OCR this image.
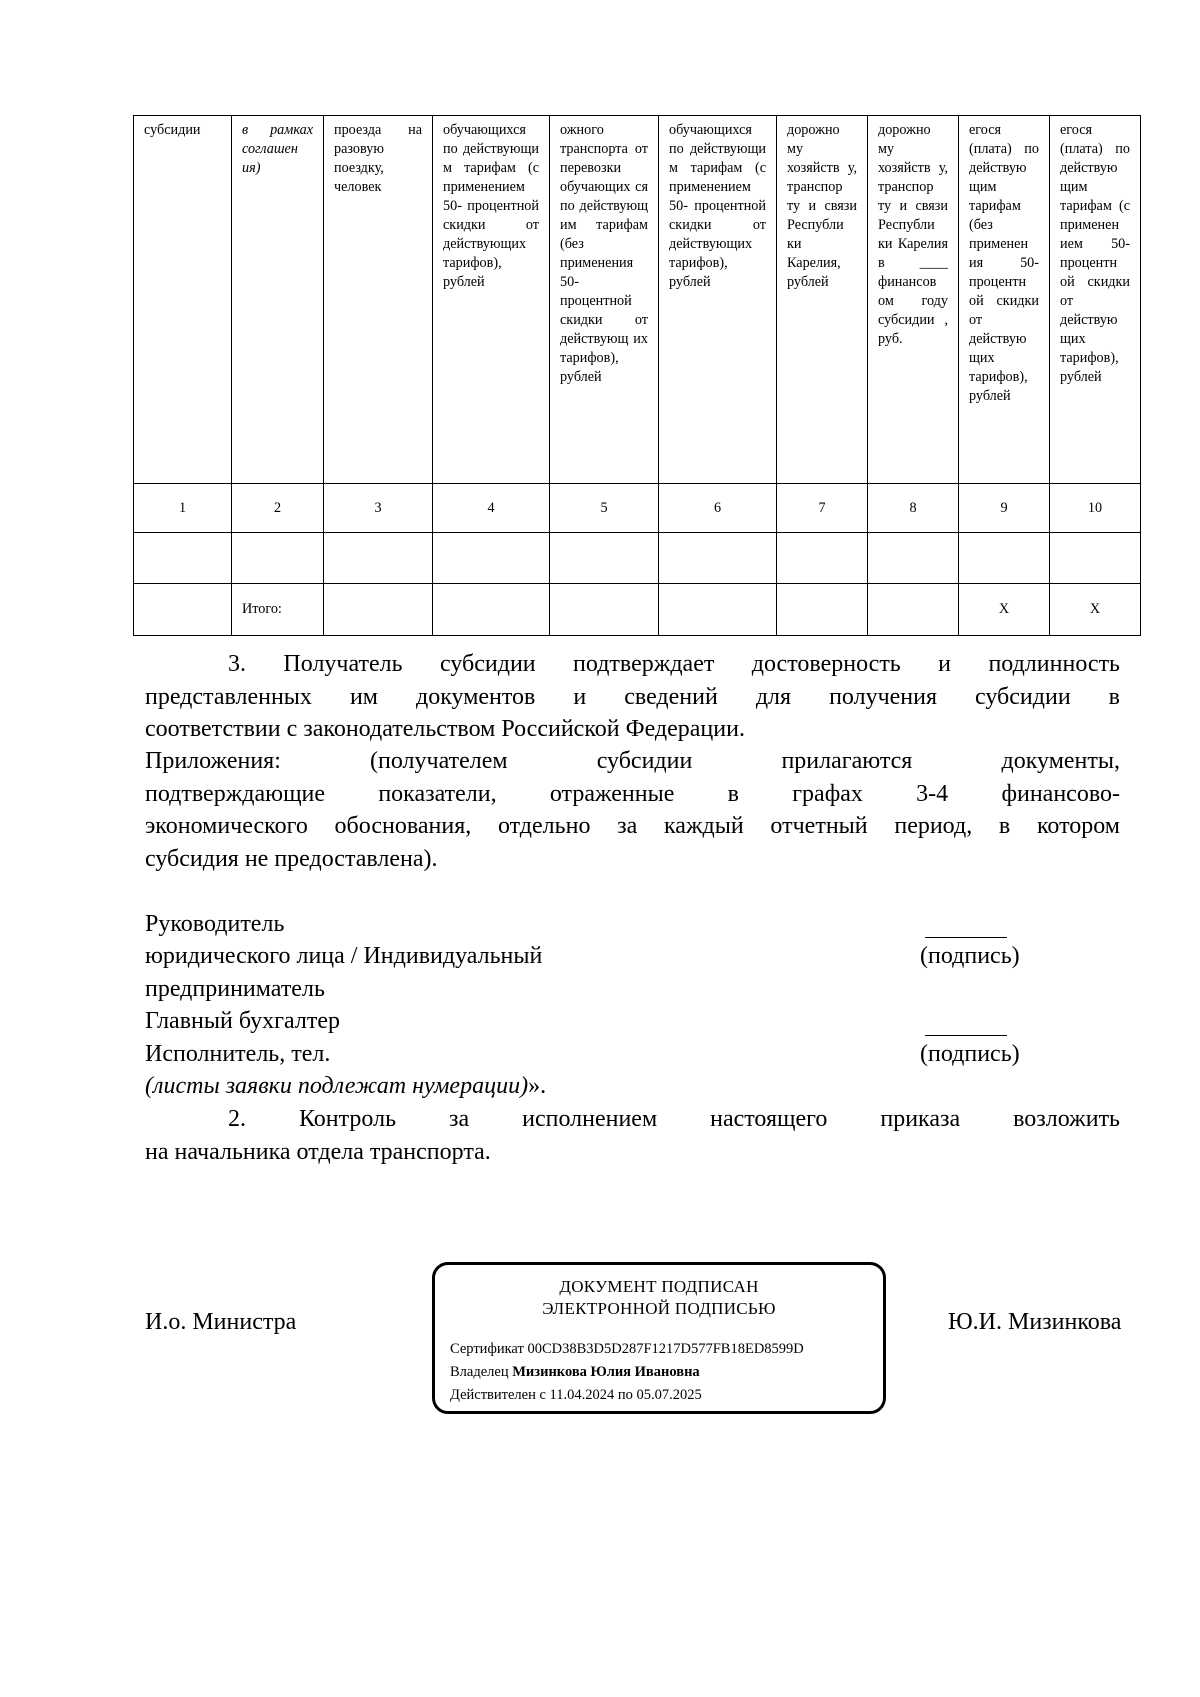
субсидии	в рамках соглашен ия)	проезда на разовую поездку, человек	обучающихся по действующи м тарифам (с применением 50- процентной скидки от действующих тарифов), рублей	ожного транспорта от перевозки обучающих ся по действующ им тарифам (без применения 50- процентной скидки от действующ их тарифов), рублей	обучающихся по действующи м тарифам (с применением 50- процентной скидки от действующих тарифов), рублей	дорожно му хозяйств у, транспор ту и связи Республи ки Карелия, рублей	дорожно му хозяйств у, транспор ту и связи Республи ки Карелия в ____ финансов ом году субсидии , руб.	егося (плата) по действую щим тарифам (без применен ия 50- процентн ой скидки от действую щих тарифов), рублей	егося (плата) по действую щим тарифам (с применен ием 50- процентн ой скидки от действую щих тарифов), рублей
1	2	3	4	5	6	7	8	9	10

	Итого:							X	X
3. Получатель субсидии подтверждает достоверность и подлинность
представленных им документов и сведений для получения субсидии в
соответствии с законодательством Российской Федерации.
Приложения: (получателем субсидии прилагаются документы,
подтверждающие показатели, отраженные в графах 3-4 финансово-
экономического обоснования, отдельно за каждый отчетный период, в котором
субсидия не предоставлена).
Руководитель
юридического лица / Индивидуальный
предприниматель
(подпись)
Главный бухгалтер
Исполнитель, тел.	(подпись)
(листы заявки подлежат нумерации)».
2. Контроль за исполнением настоящего приказа возложить
на начальника отдела транспорта.
И.о. Министра	Ю.И. Мизинкова
ДОКУМЕНТ ПОДПИСАН
ЭЛЕКТРОННОЙ ПОДПИСЬЮ
Сертификат 00CD38B3D5D287F1217D577FB18ED8599D
Владелец Мизинкова Юлия Ивановна
Действителен с 11.04.2024 по 05.07.2025
